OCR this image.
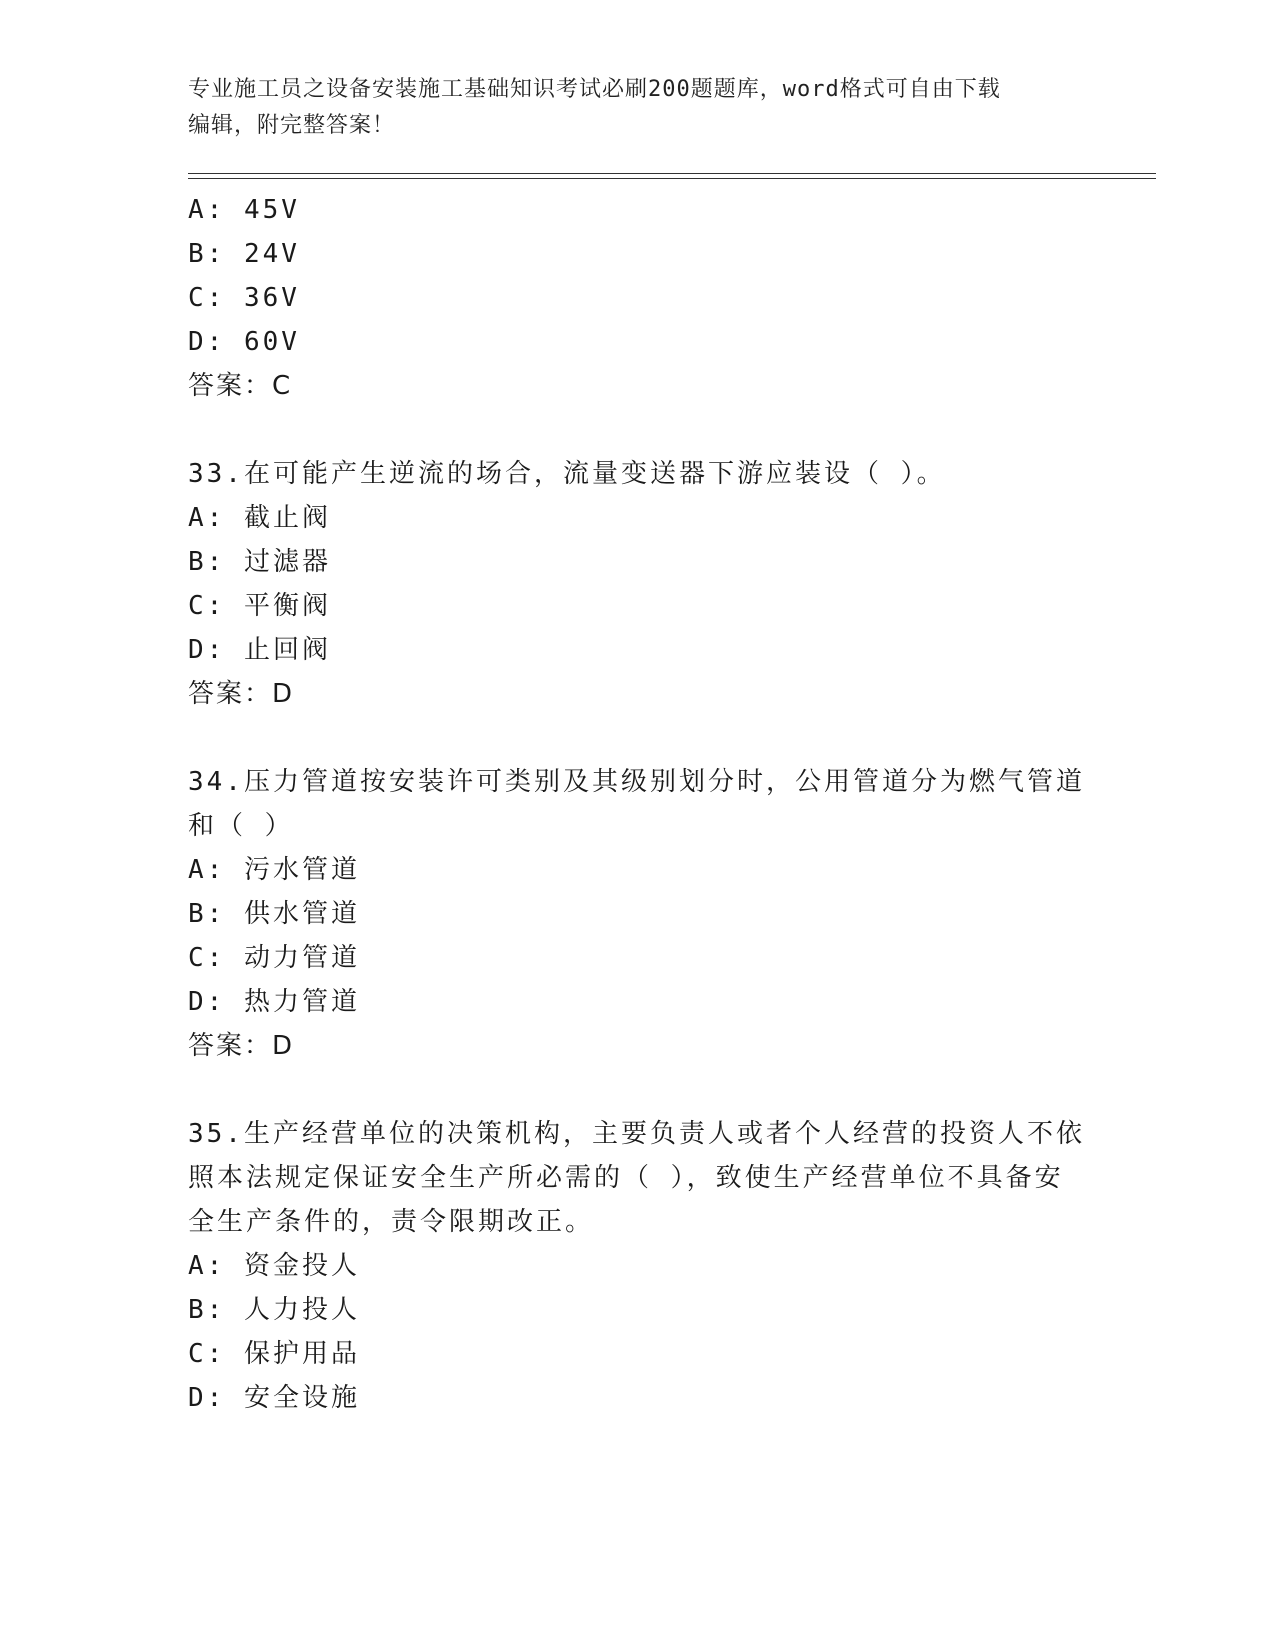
专业施工员之设备安装施工基础知识考试必刷200题题库，word格式可自由下载
编辑，附完整答案！
A: 45V
B: 24V
C: 36V
D: 60V
答案：C
33.在可能产生逆流的场合，流量变送器下游应装设（ ）。
A: 截止阀
B: 过滤器
C: 平衡阀
D: 止回阀
答案：D
34.压力管道按安装许可类别及其级别划分时，公用管道分为燃气管道
和（ ）
A: 污水管道
B: 供水管道
C: 动力管道
D: 热力管道
答案：D
35.生产经营单位的决策机构，主要负责人或者个人经营的投资人不依
照本法规定保证安全生产所必需的（ ），致使生产经营单位不具备安
全生产条件的，责令限期改正。
A: 资金投人
B: 人力投人
C: 保护用品
D: 安全设施
